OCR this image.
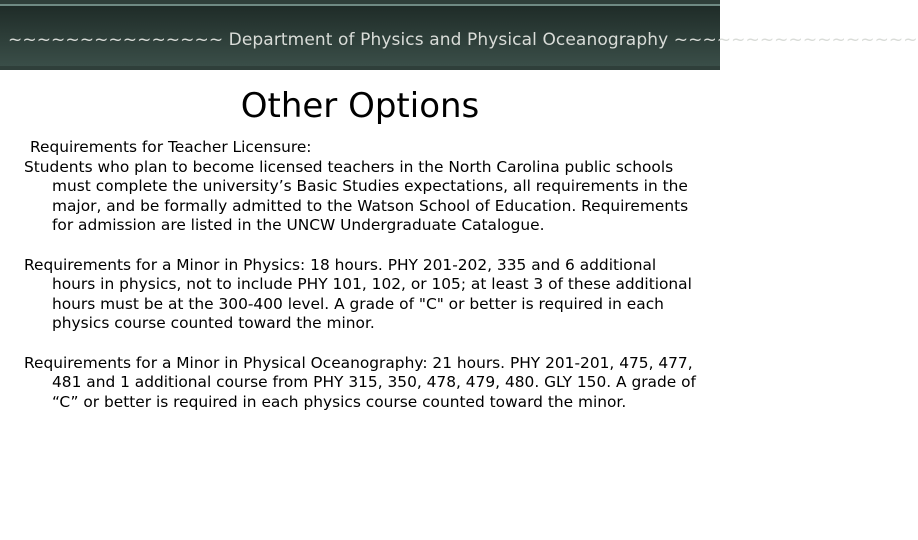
~~~~~~~~~~~~~~~ Department of Physics and Physical Oceanography ~~~~~~~~~~~~~~~~~
Other Options

Requirements for Teacher Licensure:

Students who plan to become licensed teachers in the North Carolina public schools must complete the university’s Basic Studies expectations, all requirements in the major, and be formally admitted to the Watson School of Education. Requirements for admission are listed in the UNCW Undergraduate Catalogue.

Requirements for a Minor in Physics: 18 hours. PHY 201-202, 335 and 6 additional hours in physics, not to include PHY 101, 102, or 105; at least 3 of these additional hours must be at the 300-400 level. A grade of "C" or better is required in each physics course counted toward the minor.

Requirements for a Minor in Physical Oceanography: 21 hours. PHY 201-201, 475, 477, 481 and 1 additional course from PHY 315, 350, 478, 479, 480. GLY 150. A grade of “C” or better is required in each physics course counted toward the minor.
